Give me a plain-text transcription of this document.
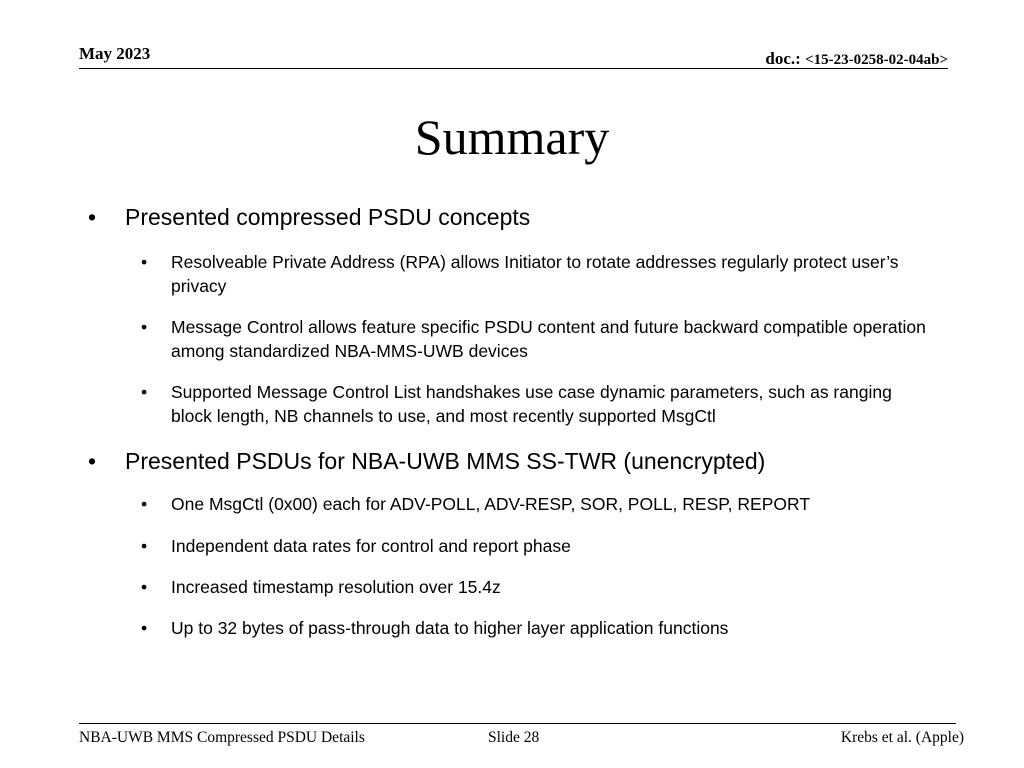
May 2023	doc.: <15-23-0258-02-04ab>
Summary
• Presented compressed PSDU concepts
• Resolveable Private Address (RPA) allows Initiator to rotate addresses regularly protect user’s privacy
• Message Control allows feature specific PSDU content and future backward compatible operation among standardized NBA-MMS-UWB devices
• Supported Message Control List handshakes use case dynamic parameters, such as ranging block length, NB channels to use, and most recently supported MsgCtl
• Presented PSDUs for NBA-UWB MMS SS-TWR (unencrypted)
• One MsgCtl (0x00) each for ADV-POLL, ADV-RESP, SOR, POLL, RESP, REPORT
• Independent data rates for control and report phase
• Increased timestamp resolution over 15.4z
• Up to 32 bytes of pass-through data to higher layer application functions
NBA-UWB MMS Compressed PSDU Details	Slide 28	Krebs et al. (Apple)
